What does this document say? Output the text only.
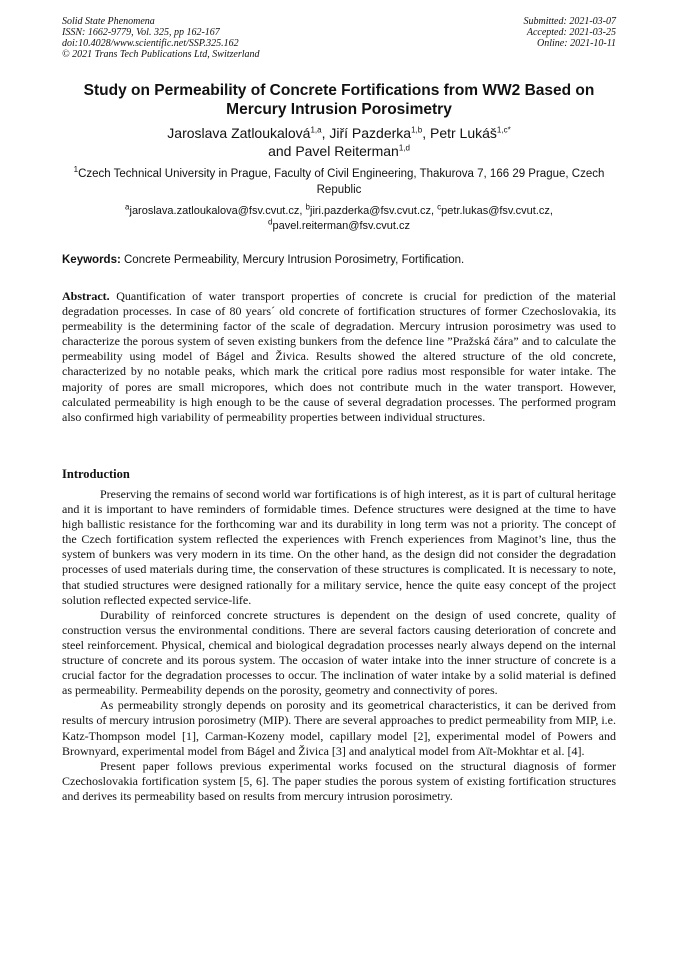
Solid State Phenomena
ISSN: 1662-9779, Vol. 325, pp 162-167
doi:10.4028/www.scientific.net/SSP.325.162
© 2021 Trans Tech Publications Ltd, Switzerland
Submitted: 2021-03-07
Accepted: 2021-03-25
Online: 2021-10-11
Study on Permeability of Concrete Fortifications from WW2 Based on Mercury Intrusion Porosimetry
Jaroslava Zatloukalová$^{1,a}$, Jiří Pazderka$^{1,b}$, Petr Lukáš$^{1,c*}$
and Pavel Reiterman$^{1,d}$
$^1$Czech Technical University in Prague, Faculty of Civil Engineering, Thakurova 7, 166 29 Prague, Czech Republic
$^a$jaroslava.zatloukalova@fsv.cvut.cz, $^b$jiri.pazderka@fsv.cvut.cz, $^c$petr.lukas@fsv.cvut.cz,
$^d$pavel.reiterman@fsv.cvut.cz
Keywords: Concrete Permeability, Mercury Intrusion Porosimetry, Fortification.
Abstract. Quantification of water transport properties of concrete is crucial for prediction of the material degradation processes. In case of 80 years´ old concrete of fortification structures of former Czechoslovakia, its permeability is the determining factor of the scale of degradation. Mercury intrusion porosimetry was used to characterize the porous system of seven existing bunkers from the defence line ”Pražská čára” and to calculate the permeability using model of Bágel and Živica. Results showed the altered structure of the old concrete, characterized by no notable peaks, which mark the critical pore radius most responsible for water intake. The majority of pores are small micropores, which does not contribute much in the water transport. However, calculated permeability is high enough to be the cause of several degradation processes. The performed program also confirmed high variability of permeability properties between individual structures.
Introduction

Preserving the remains of second world war fortifications is of high interest, as it is part of cultural heritage and it is important to have reminders of formidable times. Defence structures were designed at the time to have high ballistic resistance for the forthcoming war and its durability in long term was not a priority. The concept of the Czech fortification system reflected the experiences with French experiences from Maginot’s line, thus the system of bunkers was very modern in its time. On the other hand, as the design did not consider the degradation processes of used materials during time, the conservation of these structures is complicated. It is necessary to note, that studied structures were designed rationally for a military service, hence the quite easy concept of the project solution reflected expected service-life.

Durability of reinforced concrete structures is dependent on the design of used concrete, quality of construction versus the environmental conditions. There are several factors causing deterioration of concrete and steel reinforcement. Physical, chemical and biological degradation processes nearly always depend on the internal structure of concrete and its porous system. The occasion of water intake into the inner structure of concrete is a crucial factor for the degradation processes to occur. The inclination of water intake by a solid material is defined as permeability. Permeability depends on the porosity, geometry and connectivity of pores.

As permeability strongly depends on porosity and its geometrical characteristics, it can be derived from results of mercury intrusion porosimetry (MIP). There are several approaches to predict permeability from MIP, i.e. Katz-Thompson model [1], Carman-Kozeny model, capillary model [2], experimental model of Powers and Brownyard, experimental model from Bágel and Živica [3] and analytical model from Aït-Mokhtar et al. [4].

Present paper follows previous experimental works focused on the structural diagnosis of former Czechoslovakia fortification system [5, 6]. The paper studies the porous system of existing fortification structures and derives its permeability based on results from mercury intrusion porosimetry.
